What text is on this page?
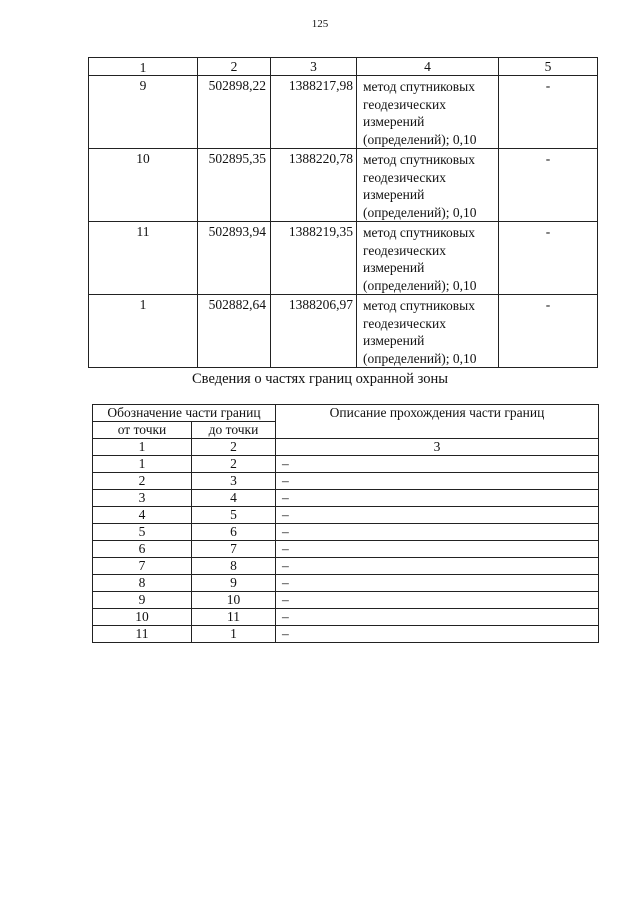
125
1	2	3	4	5
9	502898,22	1388217,98	метод спутниковых
геодезических
измерений
(определений); 0,10	-
10	502895,35	1388220,78	метод спутниковых
геодезических
измерений
(определений); 0,10	-
11	502893,94	1388219,35	метод спутниковых
геодезических
измерений
(определений); 0,10	-
1	502882,64	1388206,97	метод спутниковых
геодезических
измерений
(определений); 0,10	-
Сведения о частях границ охранной зоны
Обозначение части границ		Описание прохождения части границ
от точки	до точки	
1	2	3
1	2	–
2	3	–
3	4	–
4	5	–
5	6	–
6	7	–
7	8	–
8	9	–
9	10	–
10	11	–
11	1	–
